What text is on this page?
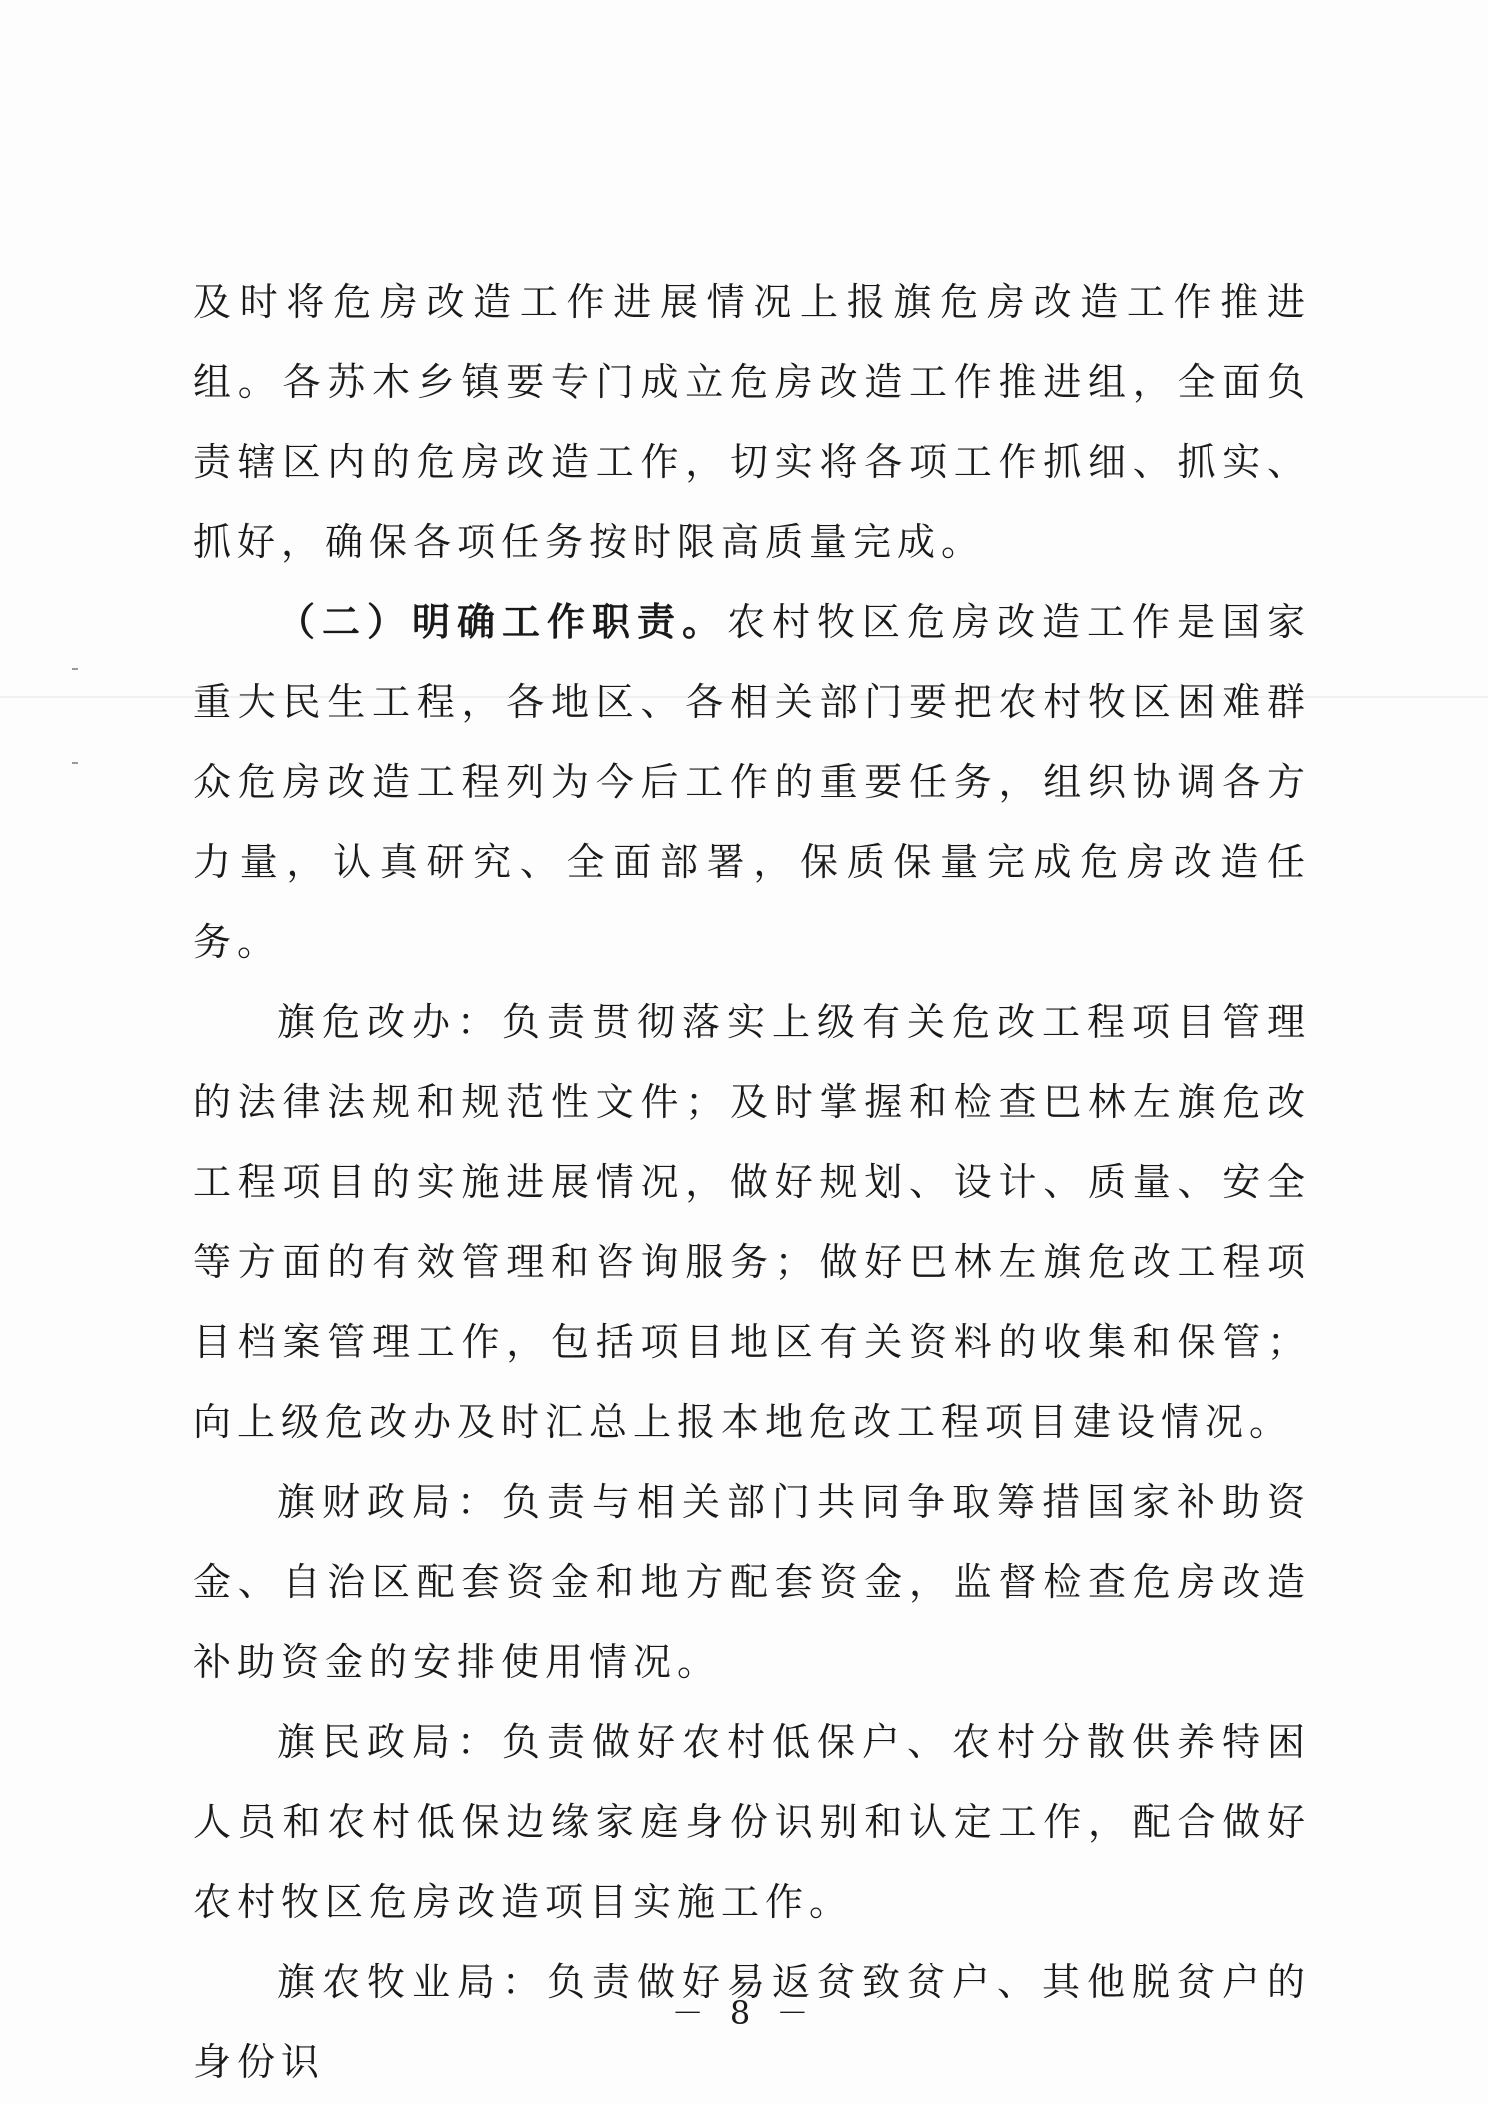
及时将危房改造工作进展情况上报旗危房改造工作推进组。各苏木乡镇要专门成立危房改造工作推进组，全面负责辖区内的危房改造工作，切实将各项工作抓细、抓实、抓好，确保各项任务按时限高质量完成。

（二）明确工作职责。农村牧区危房改造工作是国家重大民生工程，各地区、各相关部门要把农村牧区困难群众危房改造工程列为今后工作的重要任务，组织协调各方力量，认真研究、全面部署，保质保量完成危房改造任务。

旗危改办：负责贯彻落实上级有关危改工程项目管理的法律法规和规范性文件；及时掌握和检查巴林左旗危改工程项目的实施进展情况，做好规划、设计、质量、安全等方面的有效管理和咨询服务；做好巴林左旗危改工程项目档案管理工作，包括项目地区有关资料的收集和保管；向上级危改办及时汇总上报本地危改工程项目建设情况。

旗财政局：负责与相关部门共同争取筹措国家补助资金、自治区配套资金和地方配套资金，监督检查危房改造补助资金的安排使用情况。

旗民政局：负责做好农村低保户、农村分散供养特困人员和农村低保边缘家庭身份识别和认定工作，配合做好农村牧区危房改造项目实施工作。

旗农牧业局：负责做好易返贫致贫户、其他脱贫户的身份识

－ 8 －
